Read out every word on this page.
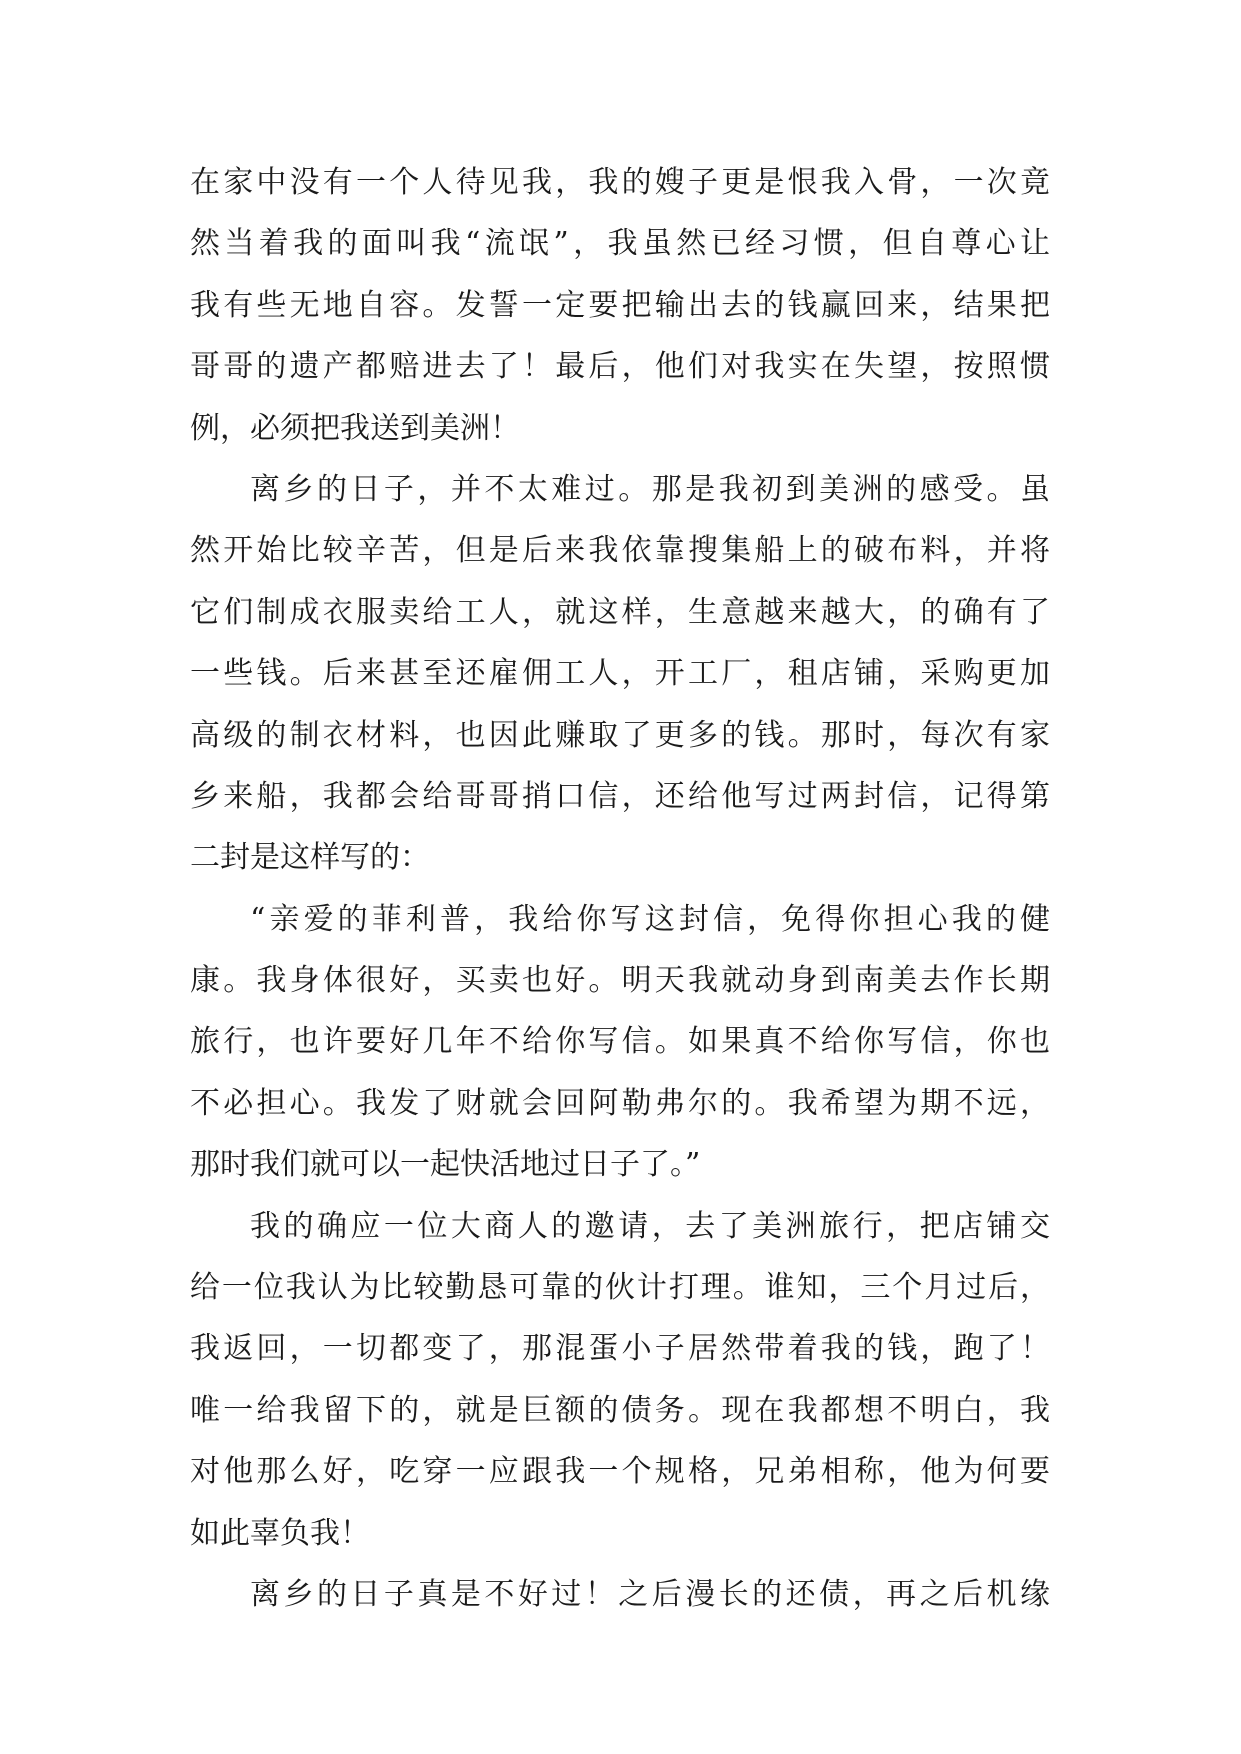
在家中没有一个人待见我，我的嫂子更是恨我入骨，一次竟
然当着我的面叫我“流氓”，我虽然已经习惯，但自尊心让
我有些无地自容。发誓一定要把输出去的钱赢回来，结果把
哥哥的遗产都赔进去了！最后，他们对我实在失望，按照惯
例，必须把我送到美洲！
离乡的日子，并不太难过。那是我初到美洲的感受。虽
然开始比较辛苦，但是后来我依靠搜集船上的破布料，并将
它们制成衣服卖给工人，就这样，生意越来越大，的确有了
一些钱。后来甚至还雇佣工人，开工厂，租店铺，采购更加
高级的制衣材料，也因此赚取了更多的钱。那时，每次有家
乡来船，我都会给哥哥捎口信，还给他写过两封信，记得第
二封是这样写的：
“亲爱的菲利普，我给你写这封信，免得你担心我的健
康。我身体很好，买卖也好。明天我就动身到南美去作长期
旅行，也许要好几年不给你写信。如果真不给你写信，你也
不必担心。我发了财就会回阿勒弗尔的。我希望为期不远，
那时我们就可以一起快活地过日子了。”
我的确应一位大商人的邀请，去了美洲旅行，把店铺交
给一位我认为比较勤恳可靠的伙计打理。谁知，三个月过后，
我返回，一切都变了，那混蛋小子居然带着我的钱，跑了！
唯一给我留下的，就是巨额的债务。现在我都想不明白，我
对他那么好，吃穿一应跟我一个规格，兄弟相称，他为何要
如此辜负我！
离乡的日子真是不好过！之后漫长的还债，再之后机缘
